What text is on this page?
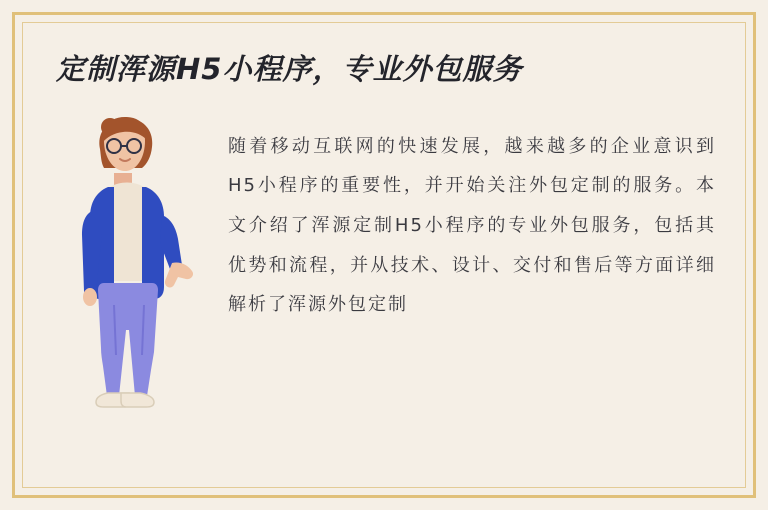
定制浑源H5小程序，专业外包服务

随着移动互联网的快速发展，越来越多的企业意识到H5小程序的重要性，并开始关注外包定制的服务。本文介绍了浑源定制H5小程序的专业外包服务，包括其优势和流程，并从技术、设计、交付和售后等方面详细解析了浑源外包定制
